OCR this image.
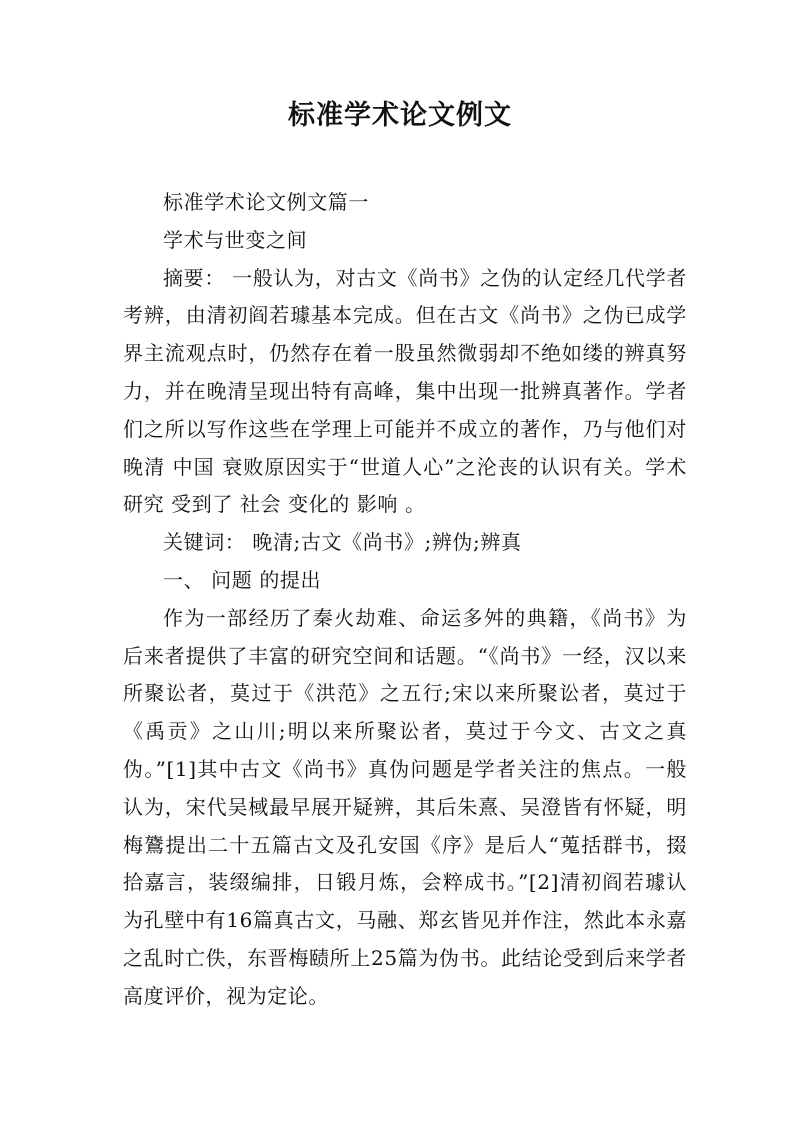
标准学术论文例文

标准学术论文例文篇一

学术与世变之间

摘要： 一般认为，对古文《尚书》之伪的认定经几代学者考辨，由清初阎若璩基本完成。但在古文《尚书》之伪已成学界主流观点时，仍然存在着一股虽然微弱却不绝如缕的辨真努力，并在晚清呈现出特有高峰，集中出现一批辨真著作。学者们之所以写作这些在学理上可能并不成立的著作，乃与他们对晚清 中国 衰败原因实于“世道人心”之沦丧的认识有关。学术 研究 受到了 社会 变化的 影响 。

关键词： 晚清;古文《尚书》;辨伪;辨真

一、 问题 的提出

作为一部经历了秦火劫难、命运多舛的典籍，《尚书》为后来者提供了丰富的研究空间和话题。“《尚书》一经，汉以来所聚讼者，莫过于《洪范》之五行;宋以来所聚讼者，莫过于《禹贡》之山川;明以来所聚讼者，莫过于今文、古文之真伪。”[1]其中古文《尚书》真伪问题是学者关注的焦点。一般认为，宋代吴棫最早展开疑辨，其后朱熹、吴澄皆有怀疑，明梅鷟提出二十五篇古文及孔安国《序》是后人“蒐括群书，掇拾嘉言，装缀编排，日锻月炼，会粹成书。”[2]清初阎若璩认为孔壁中有16篇真古文，马融、郑玄皆见并作注，然此本永嘉之乱时亡佚，东晋梅赜所上25篇为伪书。此结论受到后来学者高度评价，视为定论。
